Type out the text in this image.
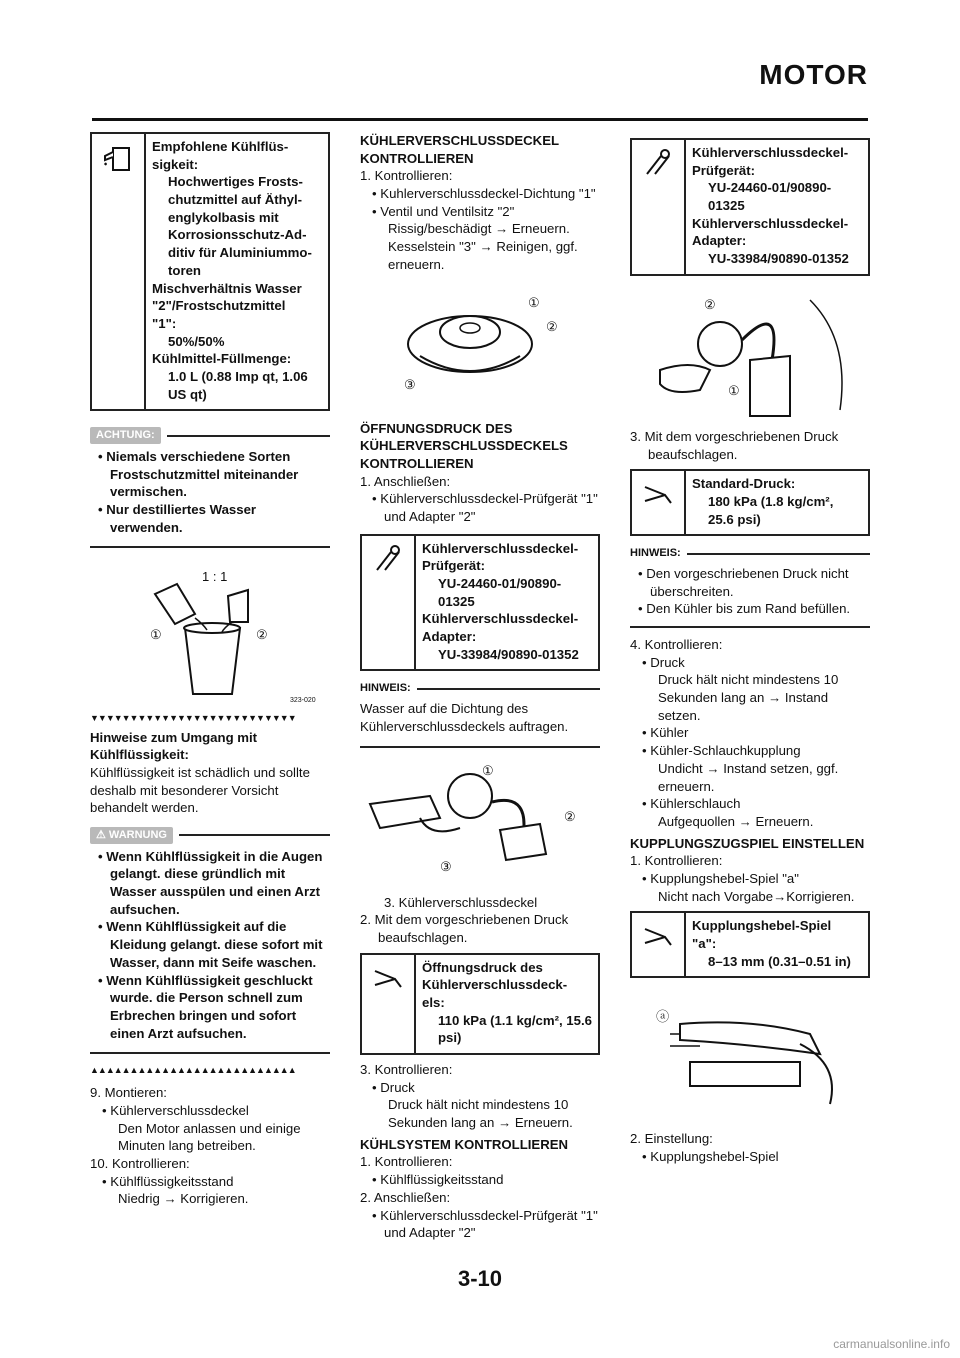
MOTOR
Empfohlene Kühlflüs-
sigkeit:
Hochwertiges Frosts-
chutzmittel auf Äthyl-
englykolbasis mit
Korrosionsschutz-Ad-
ditiv für Aluminiummo-
toren
Mischverhältnis Wasser
"2"/Frostschutzmittel
"1":
50%/50%
Kühlmittel-Füllmenge:
1.0 L (0.88 Imp qt, 1.06
US qt)
ACHTUNG:
• Niemals verschiedene Sorten Frostschutzmittel miteinander vermischen.
• Nur destilliertes Wasser verwenden.
1 : 1
①	②
323-020
▼▼▼▼▼▼▼▼▼▼▼▼▼▼▼▼▼▼▼▼▼▼▼▼▼▼
Hinweise zum Umgang mit Kühlflüssigkeit:
Kühlflüssigkeit ist schädlich und sollte deshalb mit besonderer Vorsicht behandelt werden.
⚠ WARNUNG
• Wenn Kühlflüssigkeit in die Augen gelangt. diese gründlich mit Wasser ausspülen und einen Arzt aufsuchen.
• Wenn Kühlflüssigkeit auf die Kleidung gelangt. diese sofort mit Wasser, dann mit Seife waschen.
• Wenn Kühlflüssigkeit geschluckt wurde. die Person schnell zum Erbrechen bringen und sofort einen Arzt aufsuchen.
▲▲▲▲▲▲▲▲▲▲▲▲▲▲▲▲▲▲▲▲▲▲▲▲▲▲
9. Montieren:
• Kühlerverschlussdeckel
Den Motor anlassen und einige Minuten lang betreiben.
10. Kontrollieren:
• Kühlflüssigkeitsstand
Niedrig → Korrigieren.
KÜHLERVERSCHLUSSDECKEL KONTROLLIEREN
1. Kontrollieren:
• Kuhlerverschlussdeckel-Dichtung "1"
• Ventil und Ventilsitz "2"
Rissig/beschädigt → Erneuern.
Kesselstein "3" → Reinigen, ggf. erneuern.
①
②
③
ÖFFNUNGSDRUCK DES KÜHLERVERSCHLUSSDECKELS KONTROLLIEREN
1. Anschließen:
• Kühlerverschlussdeckel-Prüfgerät "1" und Adapter "2"
Kühlerverschlussdeckel-
Prüfgerät:
YU-24460-01/90890-
01325
Kühlerverschlussdeckel-
Adapter:
YU-33984/90890-01352
HINWEIS:
Wasser auf die Dichtung des Kühlerverschlussdeckels auftragen.
①
②
③
3. Kühlerverschlussdeckel
2. Mit dem vorgeschriebenen Druck beaufschlagen.
Öffnungsdruck des
Kühlerverschlussdeck-
els:
110 kPa (1.1 kg/cm², 15.6 psi)
3. Kontrollieren:
• Druck
Druck hält nicht mindestens 10 Sekunden lang an → Erneuern.
KÜHLSYSTEM KONTROLLIEREN
1. Kontrollieren:
• Kühlflüssigkeitsstand
2. Anschließen:
• Kühlerverschlussdeckel-Prüfgerät "1" und Adapter "2"
Kühlerverschlussdeckel-
Prüfgerät:
YU-24460-01/90890-
01325
Kühlerverschlussdeckel-
Adapter:
YU-33984/90890-01352
②
①
3. Mit dem vorgeschriebenen Druck beaufschlagen.
Standard-Druck:
180 kPa (1.8 kg/cm², 25.6 psi)
HINWEIS:
• Den vorgeschriebenen Druck nicht überschreiten.
• Den Kühler bis zum Rand befüllen.
4. Kontrollieren:
• Druck
Druck hält nicht mindestens 10 Sekunden lang an → Instand setzen.
• Kühler
• Kühler-Schlauchkupplung
Undicht → Instand setzen, ggf. erneuern.
• Kühlerschlauch
Aufgequollen → Erneuern.
KUPPLUNGSZUGSPIEL EINSTELLEN
1. Kontrollieren:
• Kupplungshebel-Spiel "a"
Nicht nach Vorgabe→Korrigieren.
Kupplungshebel-Spiel
"a":
8–13 mm (0.31–0.51 in)
ⓐ
2. Einstellung:
• Kupplungshebel-Spiel
3-10
carmanualsonline.info
